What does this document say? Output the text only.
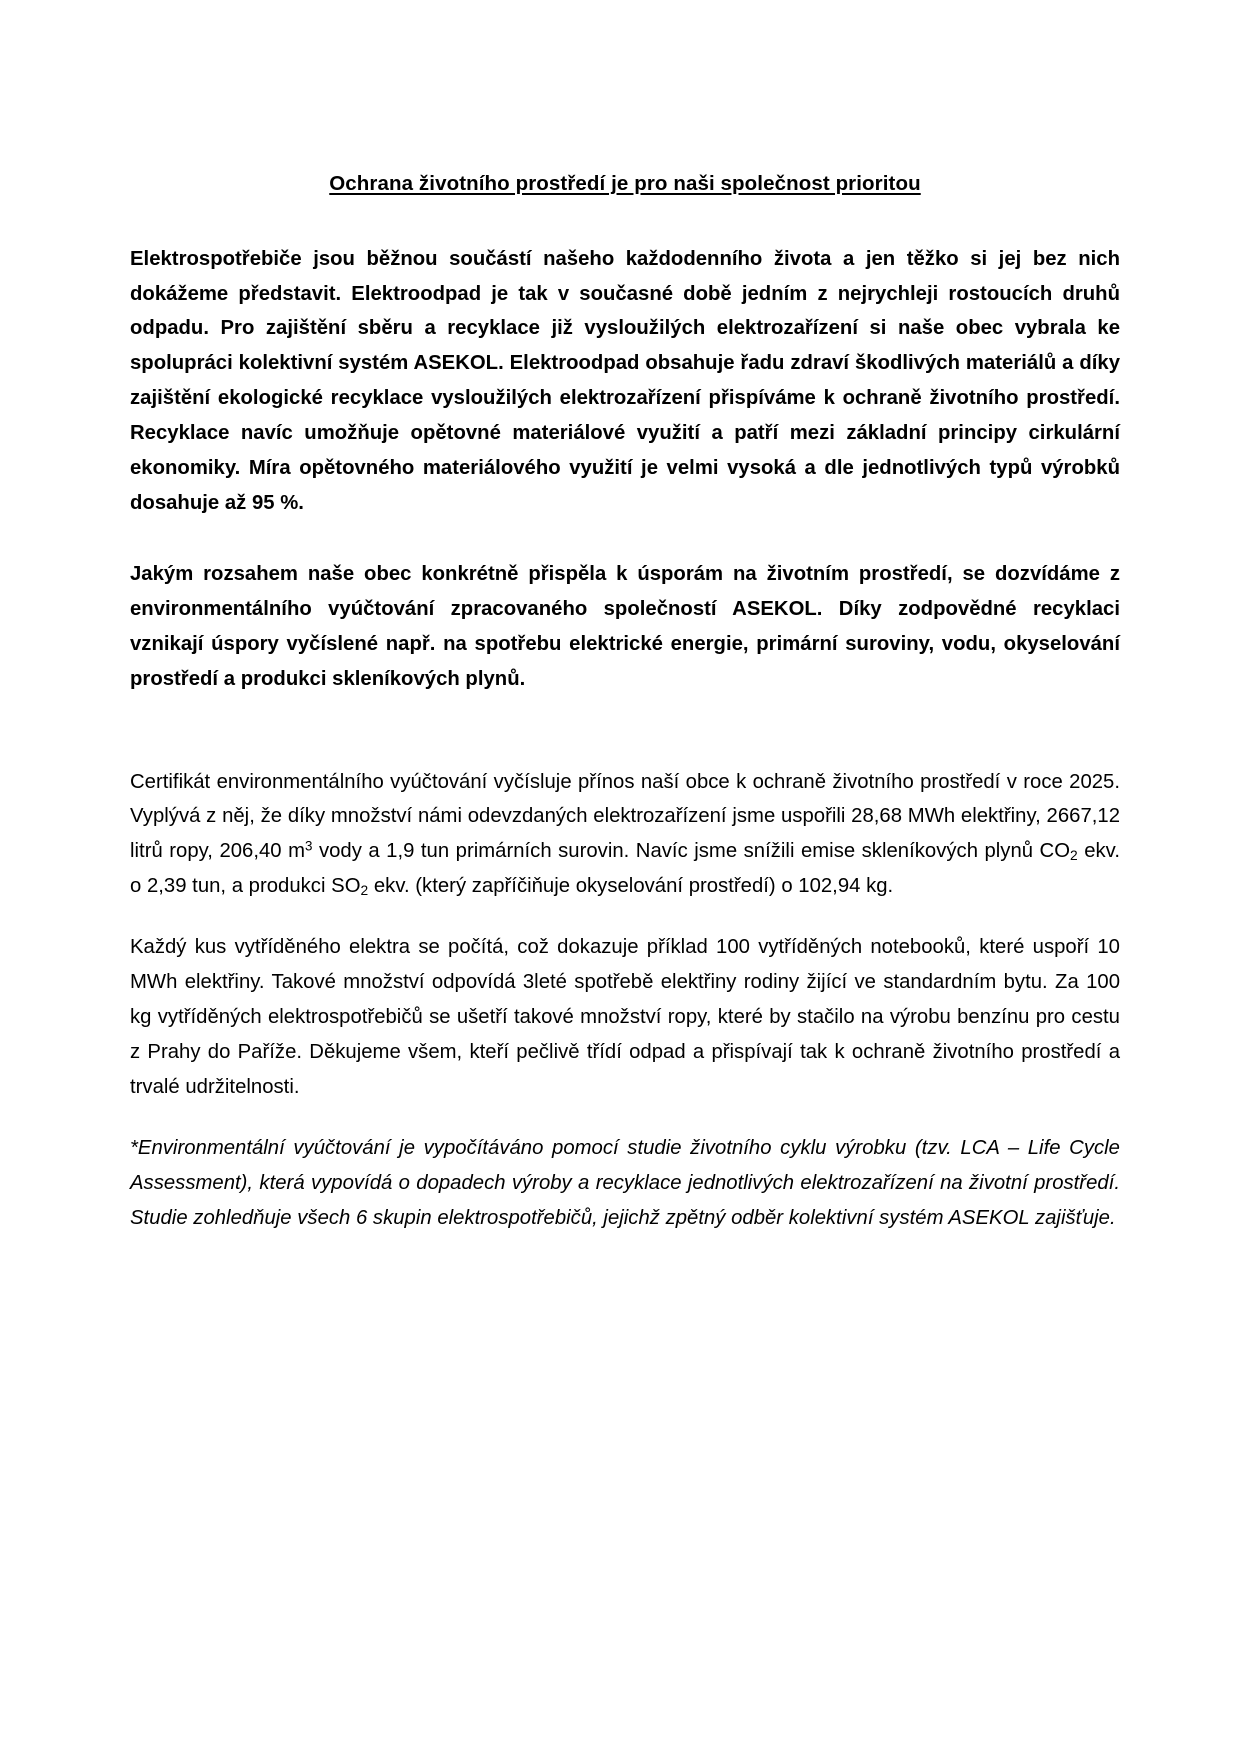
Ochrana životního prostředí je pro naši společnost prioritou

Elektrospotřebiče jsou běžnou součástí našeho každodenního života a jen těžko si jej bez nich dokážeme představit. Elektroodpad je tak v současné době jedním z nejrychleji rostoucích druhů odpadu. Pro zajištění sběru a recyklace již vysloužilých elektrozařízení si naše obec vybrala ke spolupráci kolektivní systém ASEKOL. Elektroodpad obsahuje řadu zdraví škodlivých materiálů a díky zajištění ekologické recyklace vysloužilých elektrozařízení přispíváme k ochraně životního prostředí. Recyklace navíc umožňuje opětovné materiálové využití a patří mezi základní principy cirkulární ekonomiky. Míra opětovného materiálového využití je velmi vysoká a dle jednotlivých typů výrobků dosahuje až 95 %.

Jakým rozsahem naše obec konkrétně přispěla k úsporám na životním prostředí, se dozvídáme z environmentálního vyúčtování zpracovaného společností ASEKOL. Díky zodpovědné recyklaci vznikají úspory vyčíslené např. na spotřebu elektrické energie, primární suroviny, vodu, okyselování prostředí a produkci skleníkových plynů.

Certifikát environmentálního vyúčtování vyčísluje přínos naší obce k ochraně životního prostředí v roce 2025. Vyplývá z něj, že díky množství námi odevzdaných elektrozařízení jsme uspořili 28,68 MWh elektřiny, 2667,12 litrů ropy, 206,40 $m^3$ vody a 1,9 tun primárních surovin. Navíc jsme snížili emise skleníkových plynů $CO_2$ ekv. o 2,39 tun, a produkci $SO_2$ ekv. (který zapříčiňuje okyselování prostředí) o 102,94 kg.

Každý kus vytříděného elektra se počítá, což dokazuje příklad 100 vytříděných notebooků, které uspoří 10 MWh elektřiny. Takové množství odpovídá 3leté spotřebě elektřiny rodiny žijící ve standardním bytu. Za 100 kg vytříděných elektrospotřebičů se ušetří takové množství ropy, které by stačilo na výrobu benzínu pro cestu z Prahy do Paříže. Děkujeme všem, kteří pečlivě třídí odpad a přispívají tak k ochraně životního prostředí a trvalé udržitelnosti.

*Environmentální vyúčtování je vypočítáváno pomocí studie životního cyklu výrobku (tzv. LCA – Life Cycle Assessment), která vypovídá o dopadech výroby a recyklace jednotlivých elektrozařízení na životní prostředí. Studie zohledňuje všech 6 skupin elektrospotřebičů, jejichž zpětný odběr kolektivní systém ASEKOL zajišťuje.
